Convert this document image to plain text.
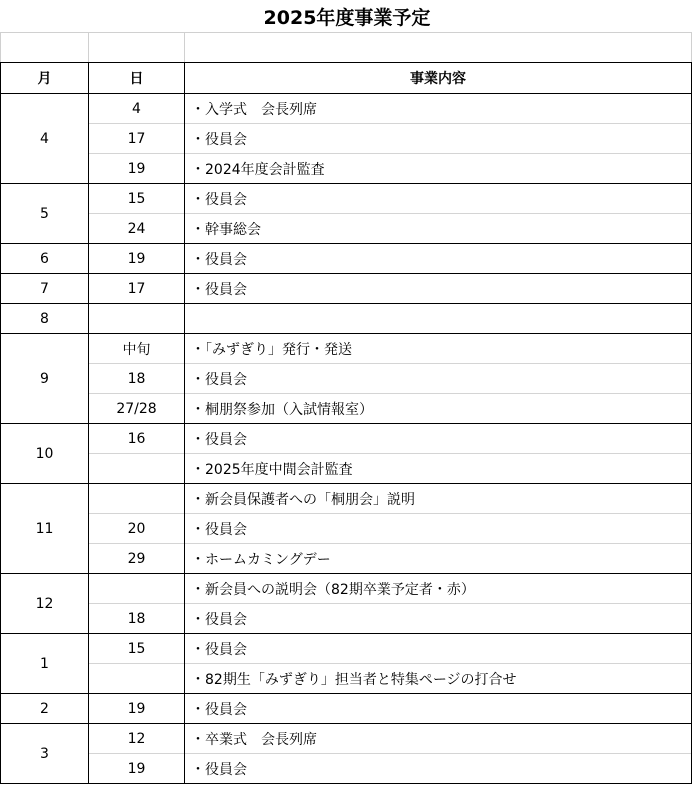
2025年度事業予定

月	日	事業内容
4	4	・入学式　会長列席
	17	・役員会
	19	・2024年度会計監査
5	15	・役員会
	24	・幹事総会
6	19	・役員会
7	17	・役員会
8		
9	中旬	・「みずぎり」発行・発送
	18	・役員会
	27/28	・桐朋祭参加（入試情報室）
10	16	・役員会
		・2025年度中間会計監査
11		・新会員保護者への「桐朋会」説明
	20	・役員会
	29	・ホームカミングデー
12		・新会員への説明会（82期卒業予定者・赤）
	18	・役員会
1	15	・役員会
		・82期生「みずぎり」担当者と特集ページの打合せ
2	19	・役員会
3	12	・卒業式　会長列席
	19	・役員会
